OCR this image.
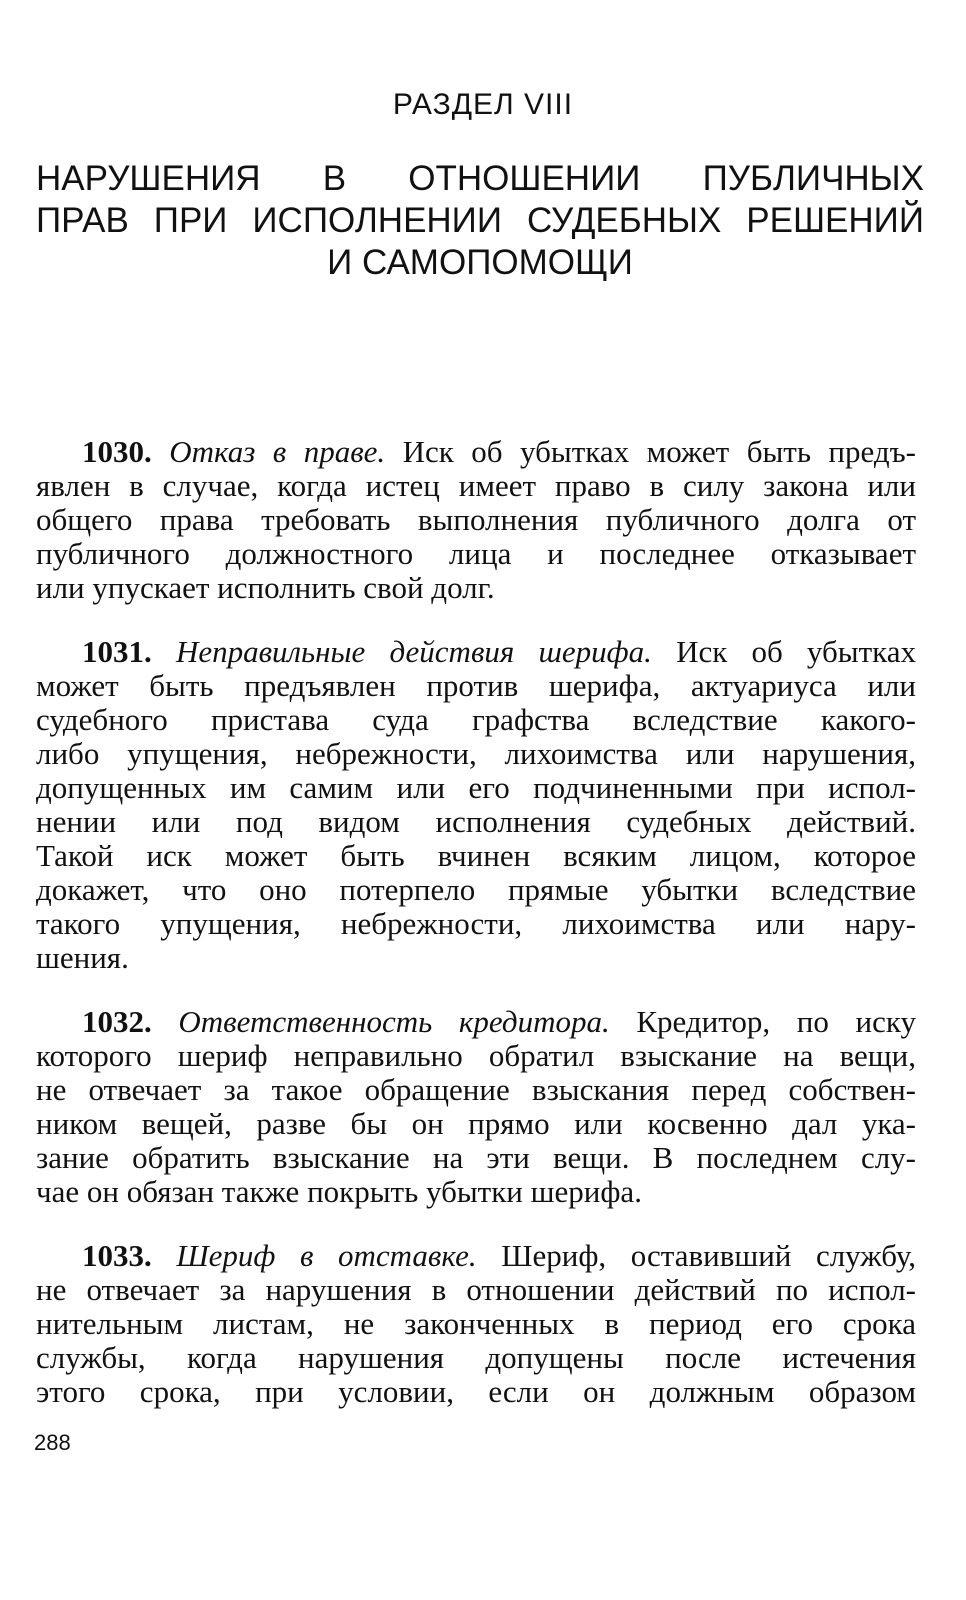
РАЗДЕЛ VIII
НАРУШЕНИЯ В ОТНОШЕНИИ ПУБЛИЧНЫХ
ПРАВ ПРИ ИСПОЛНЕНИИ СУДЕБНЫХ РЕШЕНИЙ
И САМОПОМОЩИ
1030. Отказ в праве. Иск об убытках может быть предъ-
явлен в случае, когда истец имеет право в силу закона или
общего права требовать выполнения публичного долга от
публичного должностного лица и последнее отказывает
или упускает исполнить свой долг.
1031. Неправильные действия шерифа. Иск об убытках
может быть предъявлен против шерифа, актуариуса или
судебного пристава суда графства вследствие какого-
либо упущения, небрежности, лихоимства или нарушения,
допущенных им самим или его подчиненными при испол-
нении или под видом исполнения судебных действий.
Такой иск может быть вчинен всяким лицом, которое
докажет, что оно потерпело прямые убытки вследствие
такого упущения, небрежности, лихоимства или нару-
шения.
1032. Ответственность кредитора. Кредитор, по иску
которого шериф неправильно обратил взыскание на вещи,
не отвечает за такое обращение взыскания перед собствен-
ником вещей, разве бы он прямо или косвенно дал ука-
зание обратить взыскание на эти вещи. В последнем слу-
чае он обязан также покрыть убытки шерифа.
1033. Шериф в отставке. Шериф, оставивший службу,
не отвечает за нарушения в отношении действий по испол-
нительным листам, не законченных в период его срока
службы, когда нарушения допущены после истечения
этого срока, при условии, если он должным образом
288
